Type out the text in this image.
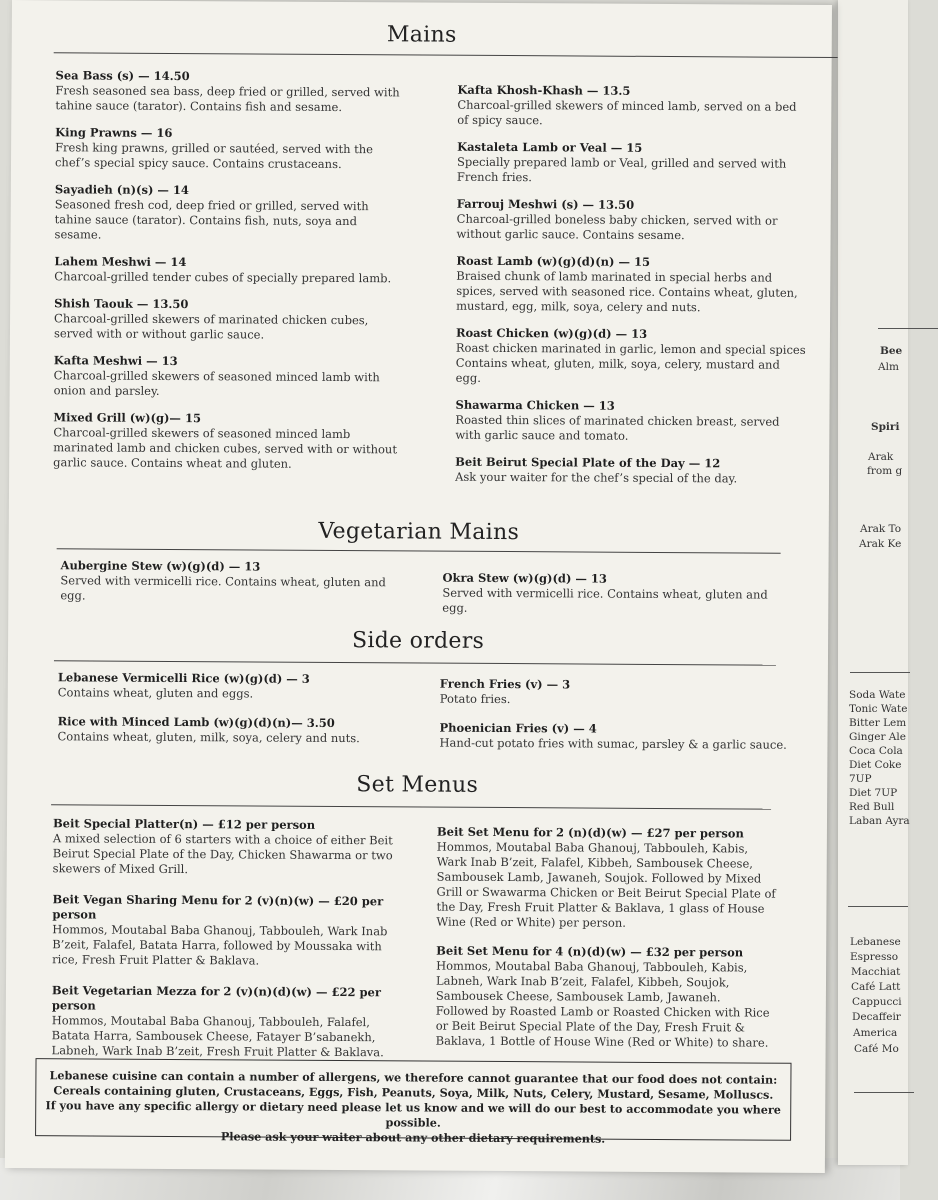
Bee
Alm
Spiri
Arak
from g
Arak To
Arak Ke
Soda Wate
Tonic Wate
Bitter Lem
Ginger Ale
Coca Cola
Diet Coke
7UP
Diet 7UP
Red Bull
Laban Ayra
Lebanese
Espresso
Macchiat
Café Latt
Cappucci
Decaffeir
America
Café Mo
Mains
Sea Bass (s) — 14.50
Fresh seasoned sea bass, deep fried or grilled, served with tahine sauce (tarator). Contains fish and sesame.
King Prawns — 16
Fresh king prawns, grilled or sautéed, served with the chef’s special spicy sauce. Contains crustaceans.
Sayadieh (n)(s) — 14
Seasoned fresh cod, deep fried or grilled, served with tahine sauce (tarator). Contains fish, nuts, soya and sesame.
Lahem Meshwi — 14
Charcoal-grilled tender cubes of specially prepared lamb.
Shish Taouk — 13.50
Charcoal-grilled skewers of marinated chicken cubes, served with or without garlic sauce.
Kafta Meshwi — 13
Charcoal-grilled skewers of seasoned minced lamb with onion and parsley.
Mixed Grill (w)(g)— 15
Charcoal-grilled skewers of seasoned minced lamb marinated lamb and chicken cubes, served with or without garlic sauce. Contains wheat and gluten.
Kafta Khosh-Khash — 13.5
Charcoal-grilled skewers of minced lamb, served on a bed of spicy sauce.
Kastaleta Lamb or Veal — 15
Specially prepared lamb or Veal, grilled and served with French fries.
Farrouj Meshwi (s) — 13.50
Charcoal-grilled boneless baby chicken, served with or without garlic sauce. Contains sesame.
Roast Lamb (w)(g)(d)(n) — 15
Braised chunk of lamb marinated in special herbs and spices, served with seasoned rice. Contains wheat, gluten, mustard, egg, milk, soya, celery and nuts.
Roast Chicken (w)(g)(d) — 13
Roast chicken marinated in garlic, lemon and special spices Contains wheat, gluten, milk, soya, celery, mustard and egg.
Shawarma Chicken — 13
Roasted thin slices of marinated chicken breast, served with garlic sauce and tomato.
Beit Beirut Special Plate of the Day — 12
Ask your waiter for the chef’s special of the day.
Vegetarian Mains
Aubergine Stew (w)(g)(d) — 13
Served with vermicelli rice. Contains wheat, gluten and egg.
Okra Stew (w)(g)(d) — 13
Served with vermicelli rice. Contains wheat, gluten and egg.
Side orders
Lebanese Vermicelli Rice (w)(g)(d) — 3
Contains wheat, gluten and eggs.
Rice with Minced Lamb (w)(g)(d)(n)— 3.50
Contains wheat, gluten, milk, soya, celery and nuts.
French Fries (v) — 3
Potato fries.
Phoenician Fries (v) — 4
Hand-cut potato fries with sumac, parsley & a garlic sauce.
Set Menus
Beit Special Platter(n) — £12 per person
A mixed selection of 6 starters with a choice of either Beit Beirut Special Plate of the Day, Chicken Shawarma or two skewers of Mixed Grill.
Beit Vegan Sharing Menu for 2 (v)(n)(w) — £20 per person
Hommos, Moutabal Baba Ghanouj, Tabbouleh, Wark Inab B’zeit, Falafel, Batata Harra, followed by Moussaka with rice, Fresh Fruit Platter & Baklava.
Beit Vegetarian Mezza for 2 (v)(n)(d)(w) — £22 per person
Hommos, Moutabal Baba Ghanouj, Tabbouleh, Falafel, Batata Harra, Sambousek Cheese, Fatayer B’sabanekh, Labneh, Wark Inab B’zeit, Fresh Fruit Platter & Baklava.
Beit Set Menu for 2 (n)(d)(w) — £27 per person
Hommos, Moutabal Baba Ghanouj, Tabbouleh, Kabis, Wark Inab B’zeit, Falafel, Kibbeh, Sambousek Cheese, Sambousek Lamb, Jawaneh, Soujok. Followed by Mixed Grill or Swawarma Chicken or Beit Beirut Special Plate of the Day, Fresh Fruit Platter & Baklava, 1 glass of House Wine (Red or White) per person.
Beit Set Menu for 4 (n)(d)(w) — £32 per person
Hommos, Moutabal Baba Ghanouj, Tabbouleh, Kabis, Labneh, Wark Inab B’zeit, Falafel, Kibbeh, Soujok, Sambousek Cheese, Sambousek Lamb, Jawaneh. Followed by Roasted Lamb or Roasted Chicken with Rice or Beit Beirut Special Plate of the Day, Fresh Fruit & Baklava, 1 Bottle of House Wine (Red or White) to share.
Lebanese cuisine can contain a number of allergens, we therefore cannot guarantee that our food does not contain:
Cereals containing gluten, Crustaceans, Eggs, Fish, Peanuts, Soya, Milk, Nuts, Celery, Mustard, Sesame, Molluscs.
If you have any specific allergy or dietary need please let us know and we will do our best to accommodate you where possible.
Please ask your waiter about any other dietary requirements.
